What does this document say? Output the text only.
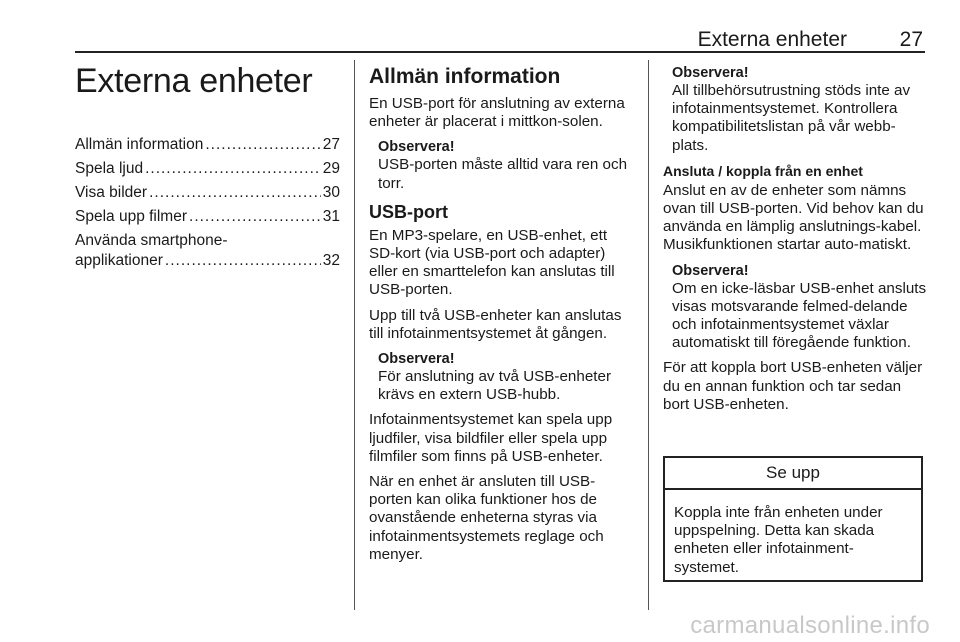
Externa enheter	27
Externa enheter
Allmän information .....	27
Spela ljud .....	29
Visa bilder .....	30
Spela upp filmer .....	31
Använda smartphone-
applikationer .....	32
Allmän information

En USB-port för anslutning av externa enheter är placerat i mittkon-solen.

Observera!
USB-porten måste alltid vara ren och torr.
USB-port

En MP3-spelare, en USB-enhet, ett SD-kort (via USB-port och adapter) eller en smarttelefon kan anslutas till USB-porten.

Upp till två USB-enheter kan anslutas till infotainmentsystemet åt gången.

Observera!
För anslutning av två USB-enheter krävs en extern USB-hubb.

Infotainmentsystemet kan spela upp ljudfiler, visa bildfiler eller spela upp filmfiler som finns på USB-enheter.

När en enhet är ansluten till USB-porten kan olika funktioner hos de ovanstående enheterna styras via infotainmentsystemets reglage och menyer.

Observera!
All tillbehörsutrustning stöds inte av infotainmentsystemet. Kontrollera kompatibilitetslistan på vår webb-plats.
Ansluta / koppla från en enhet

Anslut en av de enheter som nämns ovan till USB-porten. Vid behov kan du använda en lämplig anslutnings-kabel. Musikfunktionen startar auto-matiskt.

Observera!
Om en icke-läsbar USB-enhet ansluts visas motsvarande felmed-delande och infotainmentsystemet växlar automatiskt till föregående funktion.

För att koppla bort USB-enheten väljer du en annan funktion och tar sedan bort USB-enheten.

Se upp
Koppla inte från enheten under uppspelning. Detta kan skada enheten eller infotainment-systemet.
carmanualsonline.info
